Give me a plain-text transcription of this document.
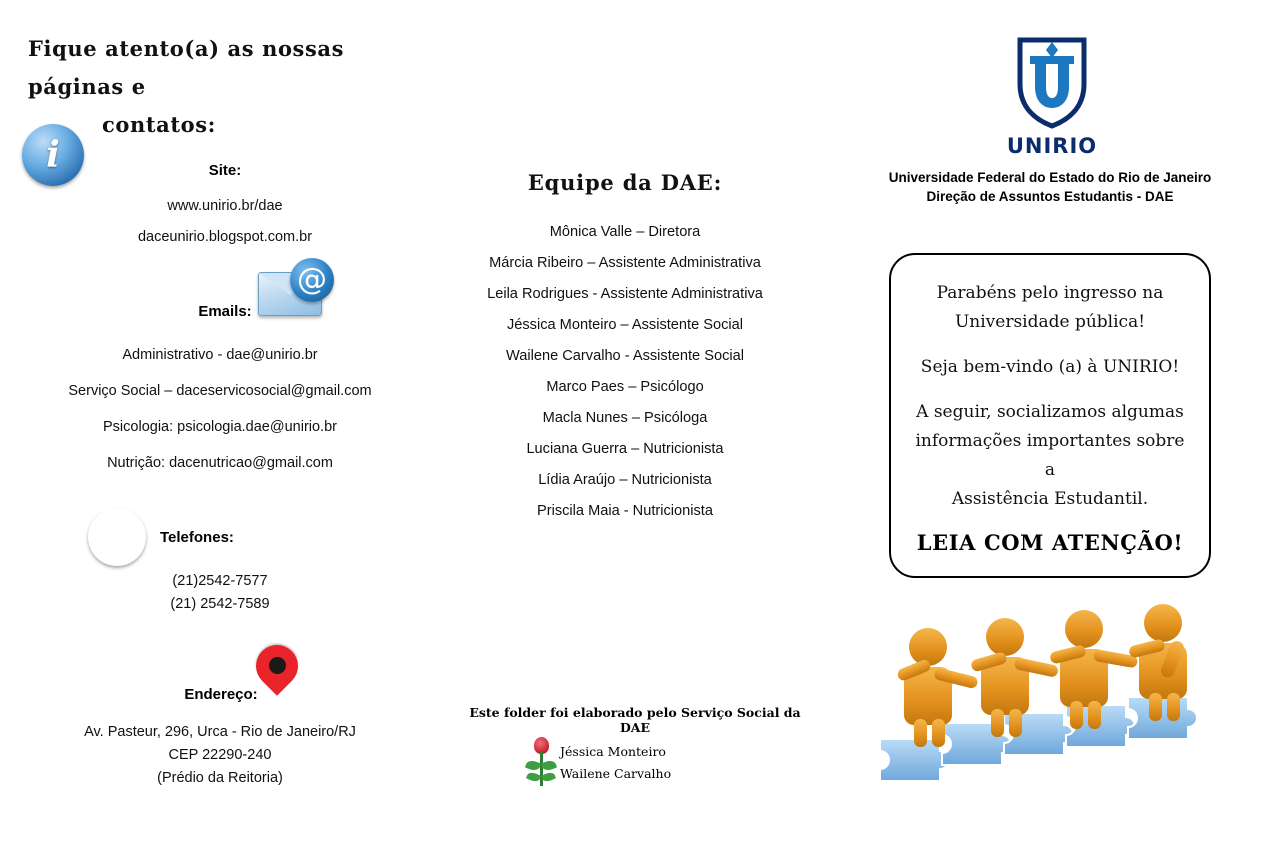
Fique atento(a) as nossas páginas e
contatos:
Site:
www.unirio.br/dae
daceunirio.blogspot.com.br
Emails:
Administrativo - dae@unirio.br
Serviço Social – daceservicosocial@gmail.com
Psicologia: psicologia.dae@unirio.br
Nutrição: dacenutricao@gmail.com
Telefones:
(21)2542-7577
(21) 2542-7589
Endereço:
Av. Pasteur, 296, Urca - Rio de Janeiro/RJ
CEP 22290-240
(Prédio da Reitoria)
i
@
☎
Equipe da DAE:
Mônica Valle – Diretora
Márcia Ribeiro – Assistente Administrativa
Leila Rodrigues - Assistente Administrativa
Jéssica Monteiro – Assistente Social
Wailene Carvalho - Assistente Social
Marco Paes – Psicólogo
Macla Nunes – Psicóloga
Luciana Guerra – Nutricionista
Lídia Araújo – Nutricionista
Priscila Maia - Nutricionista
Este folder foi elaborado pelo Serviço Social da DAE
Jéssica Monteiro
Wailene Carvalho
UNIRIO
Universidade Federal do Estado do Rio de Janeiro
Direção de Assuntos Estudantis - DAE
Parabéns pelo ingresso na
Universidade pública!
Seja bem-vindo (a) à UNIRIO!
A seguir, socializamos algumas
informações importantes sobre a
Assistência Estudantil.
LEIA COM ATENÇÃO!
